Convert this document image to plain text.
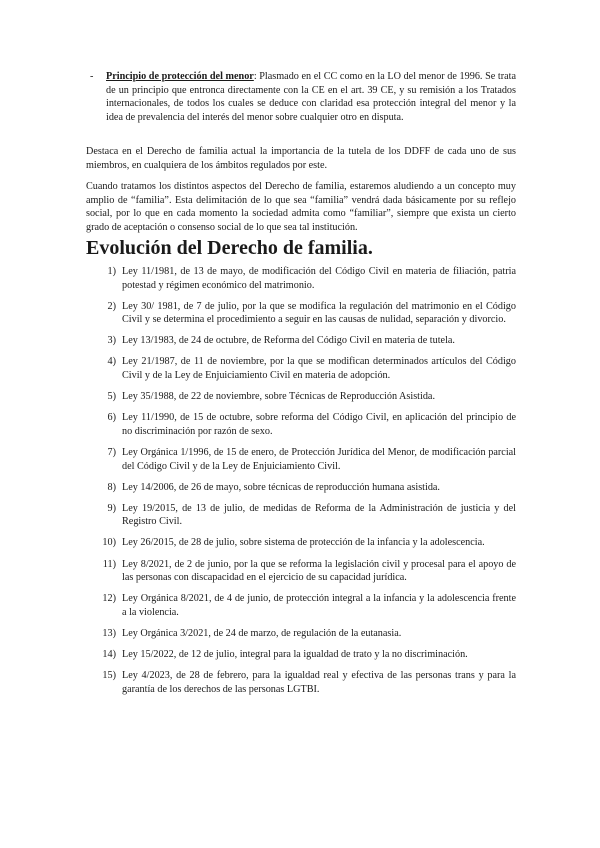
- Principio de protección del menor: Plasmado en el CC como en la LO del menor de 1996. Se trata de un principio que entronca directamente con la CE en el art. 39 CE, y su remisión a los Tratados internacionales, de todos los cuales se deduce con claridad esa protección integral del menor y la idea de prevalencia del interés del menor sobre cualquier otro en disputa.

Destaca en el Derecho de familia actual la importancia de la tutela de los DDFF de cada uno de sus miembros, en cualquiera de los ámbitos regulados por este.

Cuando tratamos los distintos aspectos del Derecho de familia, estaremos aludiendo a un concepto muy amplio de “familia”. Esta delimitación de lo que sea “familia” vendrá dada básicamente por su reflejo social, por lo que en cada momento la sociedad admita como “familiar”, siempre que exista un cierto grado de aceptación o consenso social de lo que sea tal institución.

Evolución del Derecho de familia.
1) Ley 11/1981, de 13 de mayo, de modificación del Código Civil en materia de filiación, patria potestad y régimen económico del matrimonio.
2) Ley 30/ 1981, de 7 de julio, por la que se modifica la regulación del matrimonio en el Código Civil y se determina el procedimiento a seguir en las causas de nulidad, separación y divorcio.
3) Ley 13/1983, de 24 de octubre, de Reforma del Código Civil en materia de tutela.
4) Ley 21/1987, de 11 de noviembre, por la que se modifican determinados artículos del Código Civil y de la Ley de Enjuiciamiento Civil en materia de adopción.
5) Ley 35/1988, de 22 de noviembre, sobre Técnicas de Reproducción Asistida.
6) Ley 11/1990, de 15 de octubre, sobre reforma del Código Civil, en aplicación del principio de no discriminación por razón de sexo.
7) Ley Orgánica 1/1996, de 15 de enero, de Protección Jurídica del Menor, de modificación parcial del Código Civil y de la Ley de Enjuiciamiento Civil.
8) Ley 14/2006, de 26 de mayo, sobre técnicas de reproducción humana asistida.
9) Ley 19/2015, de 13 de julio, de medidas de Reforma de la Administración de justicia y del Registro Civil.
10) Ley 26/2015, de 28 de julio, sobre sistema de protección de la infancia y la adolescencia.
11) Ley 8/2021, de 2 de junio, por la que se reforma la legislación civil y procesal para el apoyo de las personas con discapacidad en el ejercicio de su capacidad jurídica.
12) Ley Orgánica 8/2021, de 4 de junio, de protección integral a la infancia y la adolescencia frente a la violencia.
13) Ley Orgánica 3/2021, de 24 de marzo, de regulación de la eutanasia.
14) Ley 15/2022, de 12 de julio, integral para la igualdad de trato y la no discriminación.
15) Ley 4/2023, de 28 de febrero, para la igualdad real y efectiva de las personas trans y para la garantía de los derechos de las personas LGTBI.
